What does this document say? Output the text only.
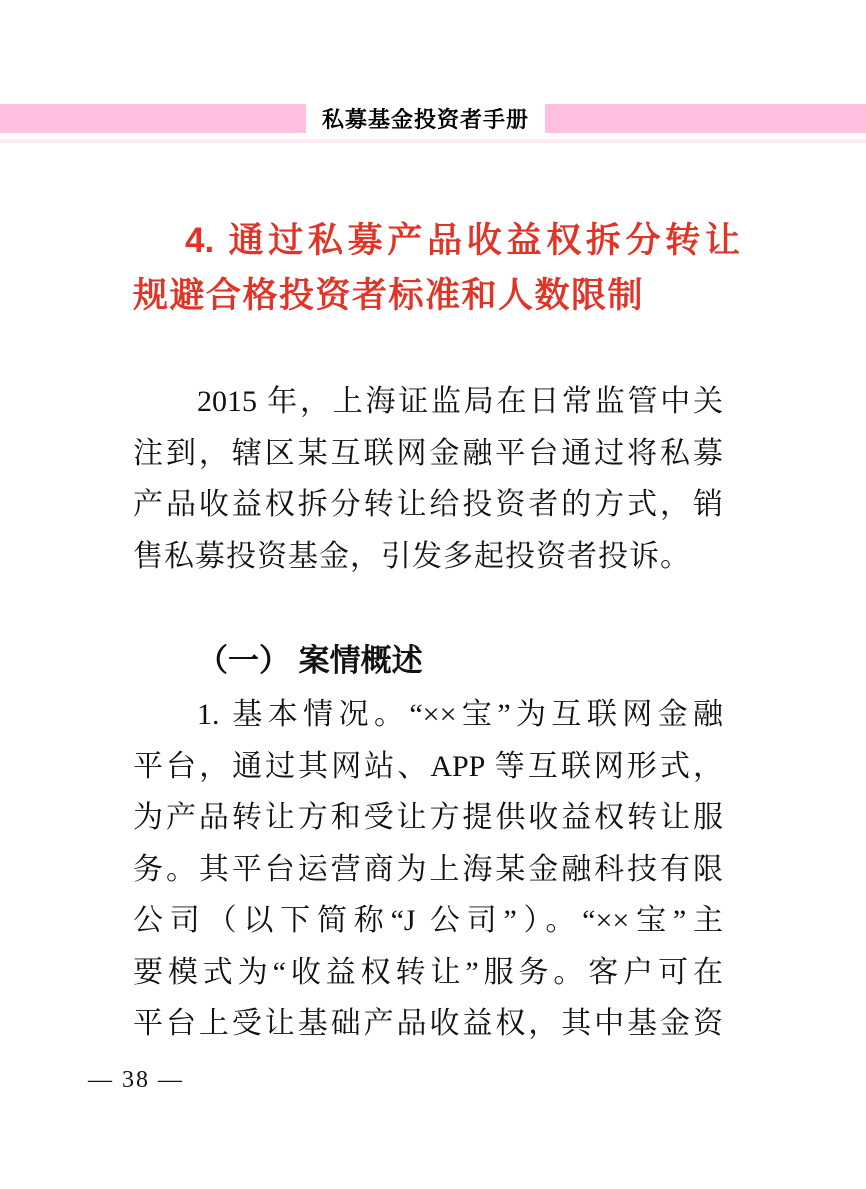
私募基金投资者手册
4. 通过私募产品收益权拆分转让
规避合格投资者标准和人数限制
2015 年，上海证监局在日常监管中关
注到，辖区某互联网金融平台通过将私募
产品收益权拆分转让给投资者的方式，销
售私募投资基金，引发多起投资者投诉。
（一） 案情概述
1. 基本情况。“××宝”为互联网金融
平台，通过其网站、APP 等互联网形式，
为产品转让方和受让方提供收益权转让服
务。其平台运营商为上海某金融科技有限
公司（以下简称“J 公司”）。“××宝”主
要模式为“收益权转让”服务。客户可在
平台上受让基础产品收益权，其中基金资
— 38 —
